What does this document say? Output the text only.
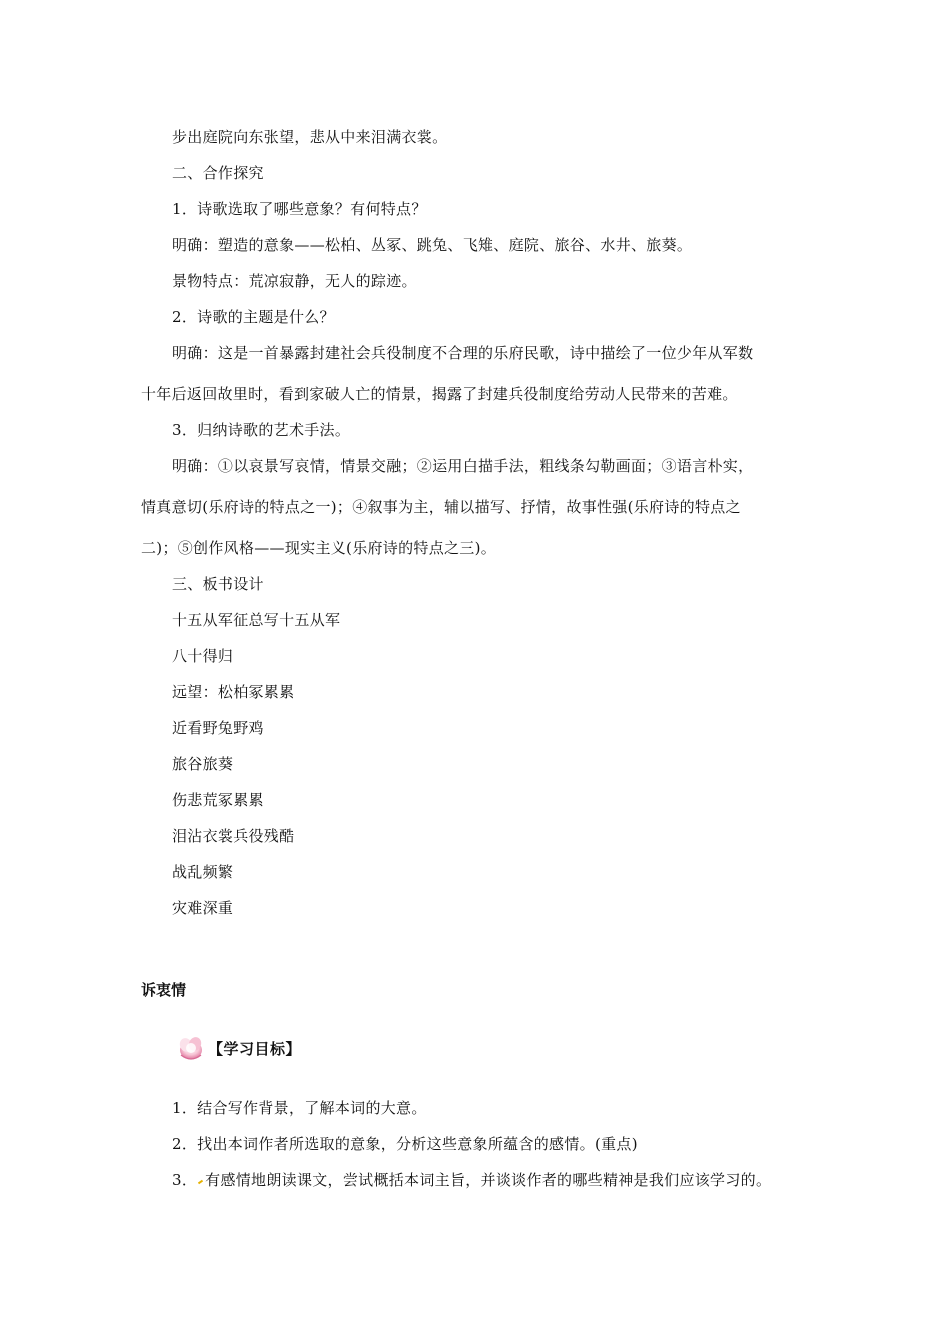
步出庭院向东张望，悲从中来泪满衣裳。
二、合作探究
1．诗歌选取了哪些意象？有何特点？
明确：塑造的意象——松柏、丛冢、跳兔、飞雉、庭院、旅谷、水井、旅葵。
景物特点：荒凉寂静，无人的踪迹。
2．诗歌的主题是什么？
明确：这是一首暴露封建社会兵役制度不合理的乐府民歌，诗中描绘了一位少年从军数
十年后返回故里时，看到家破人亡的情景，揭露了封建兵役制度给劳动人民带来的苦难。
3．归纳诗歌的艺术手法。
明确：①以哀景写哀情，情景交融；②运用白描手法，粗线条勾勒画面；③语言朴实，
情真意切(乐府诗的特点之一)；④叙事为主，辅以描写、抒情，故事性强(乐府诗的特点之
二)；⑤创作风格——现实主义(乐府诗的特点之三)。
三、板书设计
十五从军征总写十五从军
八十得归
远望：松柏冢累累
近看野兔野鸡
旅谷旅葵
伤悲荒冢累累
泪沾衣裳兵役残酷
战乱频繁
灾难深重
诉衷情
【学习目标】
1．结合写作背景，了解本词的大意。
2．找出本词作者所选取的意象，分析这些意象所蕴含的感情。(重点)
3． 有感情地朗读课文，尝试概括本词主旨，并谈谈作者的哪些精神是我们应该学习的。
